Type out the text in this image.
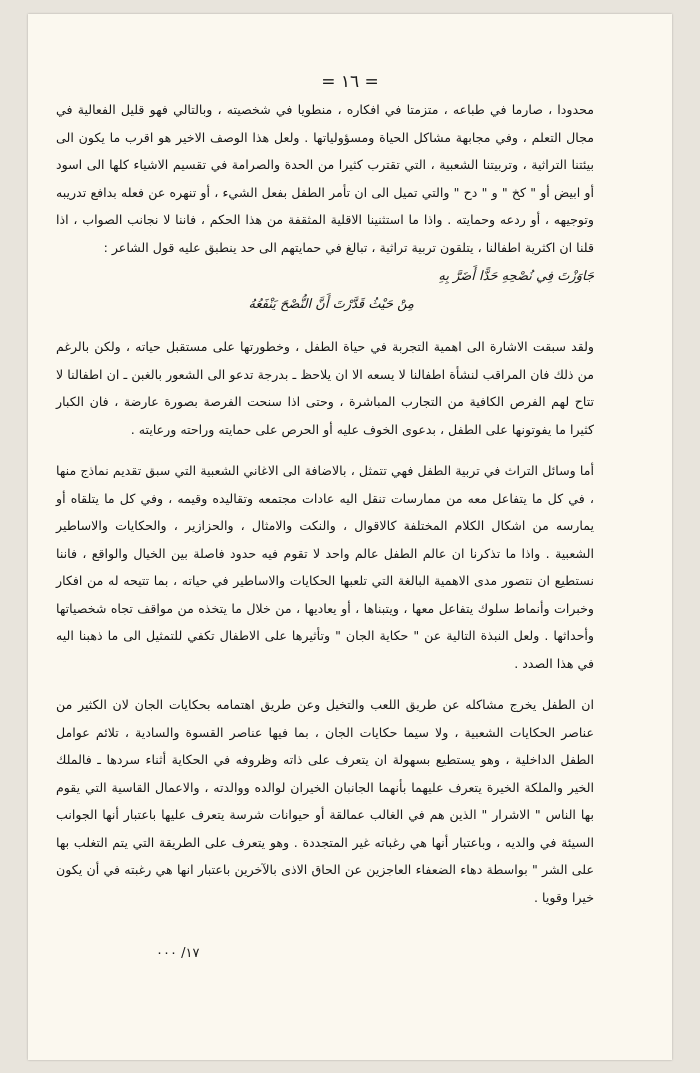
= ١٦ =

محدودا ، صارما في طباعه ، متزمتا في افكاره ، منطويا في شخصيته ، وبالتالي فهو قليل الفعالية في مجال التعلم ، وفي مجابهة مشاكل الحياة ومسؤولياتها . ولعل هذا الوصف الاخير هو اقرب ما يكون الى بيئتنا التراثية ، وتربيتنا الشعبية ، التي تقترب كثيرا من الحدة والصرامة في تقسيم الاشياء كلها الى اسود أو ابيض أو " كخ " و " دح " والتي تميل الى ان تأمر الطفل بفعل الشيء ، أو تنهره عن فعله بدافع تدريبه وتوجيهه ، أو ردعه وحمايته . واذا ما استثنينا الاقلية المثقفة من هذا الحكم ، فاننا لا نجانب الصواب ، اذا قلنا ان اكثرية اطفالنا ، يتلقون تربية تراثية ، تبالغ في حمايتهم الى حد ينطبق عليه قول الشاعر :

جَاوَزْتَ فِي نُصْحِهِ حَدًّا أَضَرَّ بِهِ
مِنْ حَيْثُ قَدَّرْتَ أَنَّ النُّصْحَ يَنْفَعُهُ

ولقد سبقت الاشارة الى اهمية التجربة في حياة الطفل ، وخطورتها على مستقبل حياته ، ولكن بالرغم من ذلك فان المراقب لنشأة اطفالنا لا يسعه الا ان يلاحظ ـ بدرجة تدعو الى الشعور بالغبن ـ ان اطفالنا لا تتاح لهم الفرص الكافية من التجارب المباشرة ، وحتى اذا سنحت الفرصة بصورة عارضة ، فان الكبار كثيرا ما يفوتونها على الطفل ، بدعوى الخوف عليه أو الحرص على حمايته وراحته ورعايته .

أما وسائل التراث في تربية الطفل فهي تتمثل ، بالاضافة الى الاغاني الشعبية التي سبق تقديم نماذج منها ، في كل ما يتفاعل معه من ممارسات تنقل اليه عادات مجتمعه وتقاليده وقيمه ، وفي كل ما يتلقاه أو يمارسه من اشكال الكلام المختلفة كالاقوال ، والنكت والامثال ، والحزازير ، والحكايات والاساطير الشعبية . واذا ما تذكرنا ان عالم الطفل عالم واحد لا تقوم فيه حدود فاصلة بين الخيال والواقع ، فاننا نستطيع ان نتصور مدى الاهمية البالغة التي تلعبها الحكايات والاساطير في حياته ، بما تتيحه له من افكار وخبرات وأنماط سلوك يتفاعل معها ، ويتبناها ، أو يعاديها ، من خلال ما يتخذه من مواقف تجاه شخصياتها وأحداثها . ولعل النبذة التالية عن " حكاية الجان " وتأثيرها على الاطفال تكفي للتمثيل الى ما ذهبنا اليه في هذا الصدد .

ان الطفل يخرج مشاكله عن طريق اللعب والتخيل وعن طريق اهتمامه بحكايات الجان لان الكثير من عناصر الحكايات الشعبية ، ولا سيما حكايات الجان ، بما فيها عناصر القسوة والسادية ، تلائم عوامل الطفل الداخلية ، وهو يستطيع بسهولة ان يتعرف على ذاته وظروفه في الحكاية أثناء سردها ـ فالملك الخير والملكة الخيرة يتعرف عليهما بأنهما الجانبان الخيران لوالده ووالدته ، والاعمال القاسية التي يقوم بها الناس " الاشرار " الذين هم في الغالب عمالقة أو حيوانات شرسة يتعرف عليها باعتبار أنها الجوانب السيئة في والديه ، وباعتبار أنها هي رغباته غير المتجددة . وهو يتعرف على الطريقة التي يتم التغلب بها على الشر " بواسطة دهاء الضعفاء العاجزين عن الحاق الاذى بالآخرين باعتبار انها هي رغبته في أن يكون خيرا وقويا .

١٧/ ٠٠٠
